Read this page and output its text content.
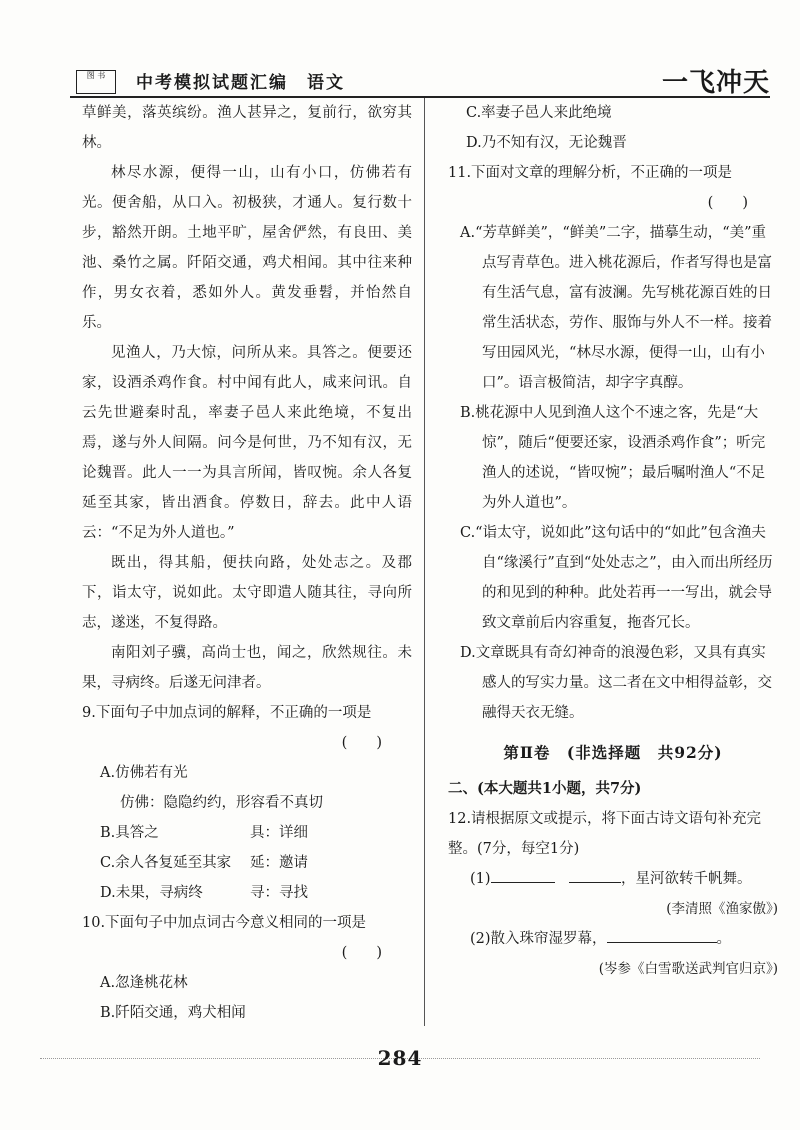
图 书	中考模拟试题汇编　语文	一飞冲天

草鲜美，落英缤纷。渔人甚异之，复前行，欲穷其林。

林尽水源，便得一山，山有小口，仿佛若有光。便舍船，从口入。初极狭，才通人。复行数十步，豁然开朗。土地平旷，屋舍俨然，有良田、美池、桑竹之属。阡陌交通，鸡犬相闻。其中往来种作，男女衣着，悉如外人。黄发垂髫，并怡然自乐。

见渔人，乃大惊，问所从来。具答之。便要还家，设酒杀鸡作食。村中闻有此人，咸来问讯。自云先世避秦时乱，率妻子邑人来此绝境，不复出焉，遂与外人间隔。问今是何世，乃不知有汉，无论魏晋。此人一一为具言所闻，皆叹惋。余人各复延至其家，皆出酒食。停数日，辞去。此中人语云：“不足为外人道也。”

既出，得其船，便扶向路，处处志之。及郡下，诣太守，说如此。太守即遣人随其往，寻向所志，遂迷，不复得路。

南阳刘子骥，高尚士也，闻之，欣然规往。未果，寻病终。后遂无问津者。

9.下面句子中加点词的解释，不正确的一项是

(　　)

A.仿佛若有光

仿佛：隐隐约约，形容看不真切

B.具答之	具：详细

C.余人各复延至其家	延：邀请

D.未果，寻病终	寻：寻找

10.下面句子中加点词古今意义相同的一项是

(　　)

A.忽逢桃花林

B.阡陌交通，鸡犬相闻

C.率妻子邑人来此绝境

D.乃不知有汉，无论魏晋

11.下面对文章的理解分析，不正确的一项是

(　　)

A.“芳草鲜美”，“鲜美”二字，描摹生动，“美”重点写青草色。进入桃花源后，作者写得也是富有生活气息，富有波澜。先写桃花源百姓的日常生活状态，劳作、服饰与外人不一样。接着写田园风光，“林尽水源，便得一山，山有小口”。语言极简洁，却字字真醇。

B.桃花源中人见到渔人这个不速之客，先是“大惊”，随后“便要还家，设酒杀鸡作食”；听完渔人的述说，“皆叹惋”；最后嘱咐渔人“不足为外人道也”。

C.“诣太守，说如此”这句话中的“如此”包含渔夫自“缘溪行”直到“处处志之”，由入而出所经历的和见到的种种。此处若再一一写出，就会导致文章前后内容重复，拖沓冗长。

D.文章既具有奇幻神奇的浪漫色彩，又具有真实感人的写实力量。这二者在文中相得益彰，交融得天衣无缝。

第Ⅱ卷　(非选择题　共92分)

二、(本大题共1小题，共7分)

12.请根据原文或提示，将下面古诗文语句补充完整。(7分，每空1分)

(1)　	，星河欲转千帆舞。

(李清照《渔家傲》)

(2)散入珠帘湿罗幕，	。

(岑参《白雪歌送武判官归京》)

284
